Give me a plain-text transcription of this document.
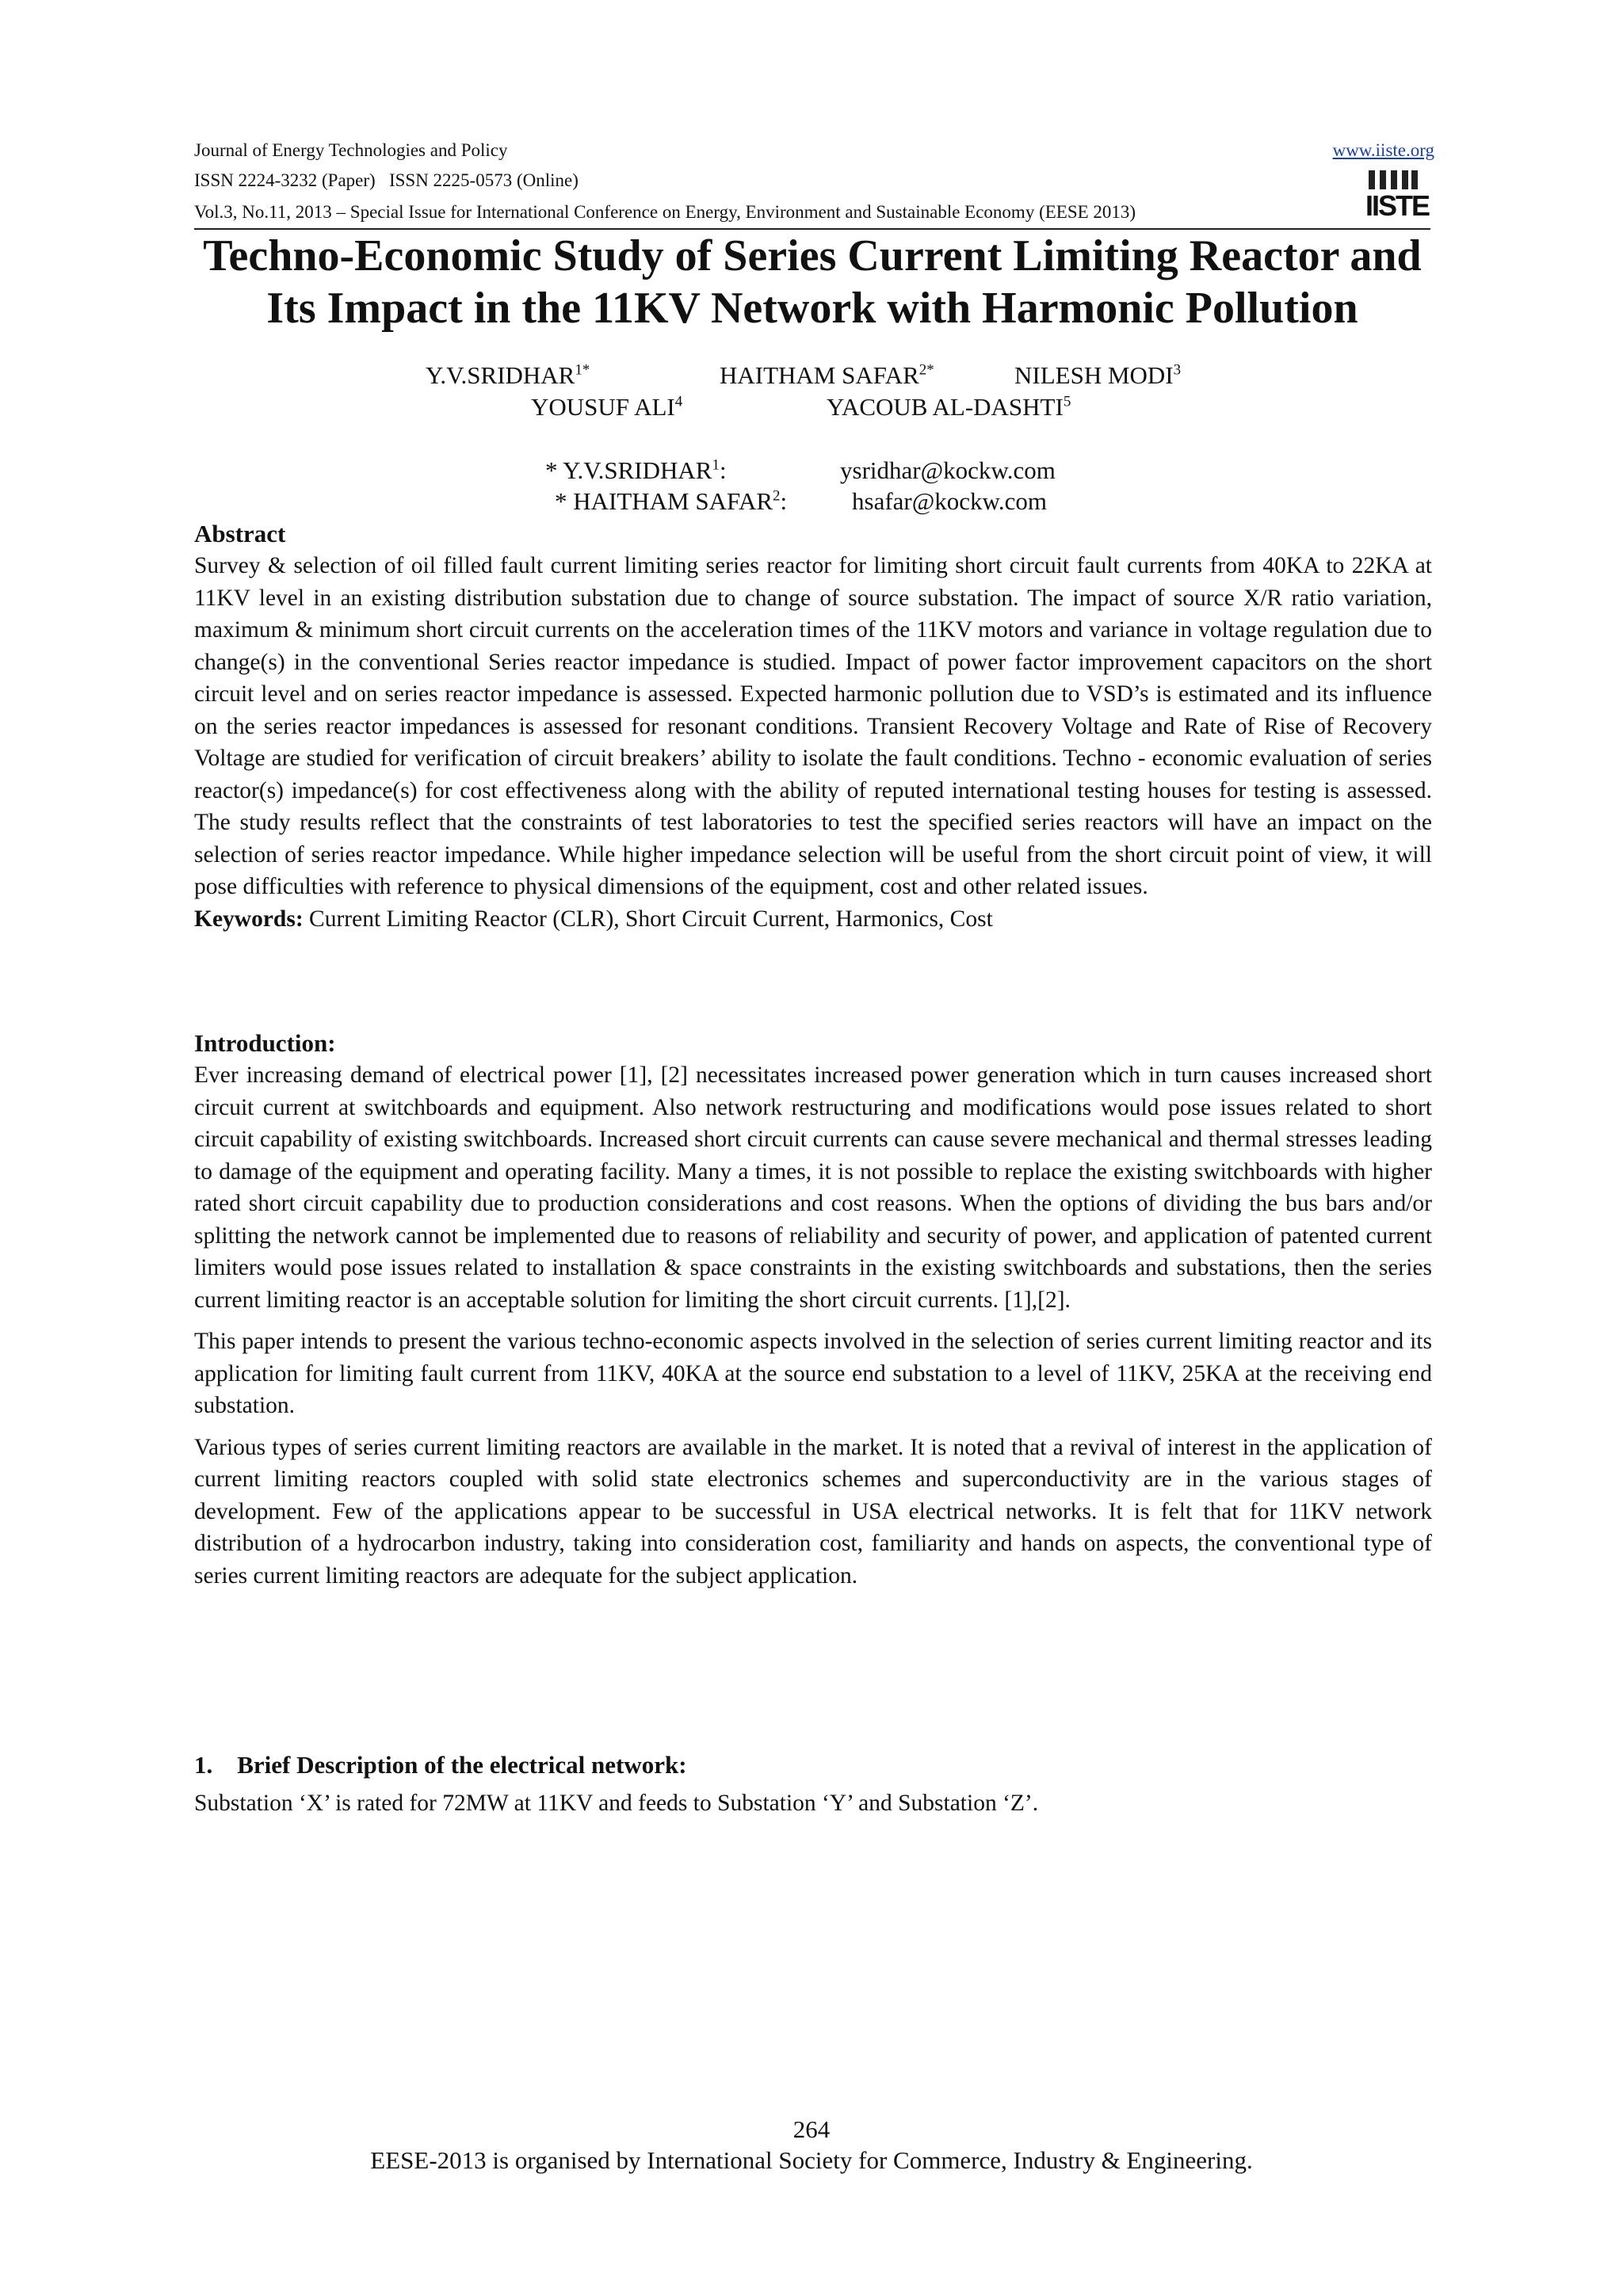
Journal of Energy Technologies and Policy	www.iiste.org
ISSN 2224-3232 (Paper)   ISSN 2225-0573 (Online)
Vol.3, No.11, 2013 – Special Issue for International Conference on Energy, Environment and Sustainable Economy (EESE 2013)	IISTE
Techno-Economic Study of Series Current Limiting Reactor and
Its Impact in the 11KV Network with Harmonic Pollution
$Y.V.SRIDHAR^{1*}$	HAITHAM $SAFAR^{2*}$	NILESH MODI$^3$
YOUSUF ALI$^4$	YACOUB AL-DASHTI$^5$
* Y.V.SRIDHAR$^1$:	ysridhar@kockw.com
* HAITHAM SAFAR$^2$:	hsafar@kockw.com
Abstract

Survey & selection of oil filled fault current limiting series reactor for limiting short circuit fault currents from 40KA to 22KA at 11KV level in an existing distribution substation due to change of source substation. The impact of source X/R ratio variation, maximum & minimum short circuit currents on the acceleration times of the 11KV motors and variance in voltage regulation due to change(s) in the conventional Series reactor impedance is studied. Impact of power factor improvement capacitors on the short circuit level and on series reactor impedance is assessed. Expected harmonic pollution due to VSD’s is estimated and its influence on the series reactor impedances is assessed for resonant conditions. Transient Recovery Voltage and Rate of Rise of Recovery Voltage are studied for verification of circuit breakers’ ability to isolate the fault conditions. Techno - economic evaluation of series reactor(s) impedance(s) for cost effectiveness along with the ability of reputed international testing houses for testing is assessed. The study results reflect that the constraints of test laboratories to test the specified series reactors will have an impact on the selection of series reactor impedance. While higher impedance selection will be useful from the short circuit point of view, it will pose difficulties with reference to physical dimensions of the equipment, cost and other related issues.

Keywords: Current Limiting Reactor (CLR), Short Circuit Current, Harmonics, Cost

Introduction:

Ever increasing demand of electrical power [1], [2] necessitates increased power generation which in turn causes increased short circuit current at switchboards and equipment. Also network restructuring and modifications would pose issues related to short circuit capability of existing switchboards. Increased short circuit currents can cause severe mechanical and thermal stresses leading to damage of the equipment and operating facility. Many a times, it is not possible to replace the existing switchboards with higher rated short circuit capability due to production considerations and cost reasons. When the options of dividing the bus bars and/or splitting the network cannot be implemented due to reasons of reliability and security of power, and application of patented current limiters would pose issues related to installation & space constraints in the existing switchboards and substations, then the series current limiting reactor is an acceptable solution for limiting the short circuit currents. [1],[2].

This paper intends to present the various techno-economic aspects involved in the selection of series current limiting reactor and its application for limiting fault current from 11KV, 40KA at the source end substation to a level of 11KV, 25KA at the receiving end substation.

Various types of series current limiting reactors are available in the market. It is noted that a revival of interest in the application of current limiting reactors coupled with solid state electronics schemes and superconductivity are in the various stages of development. Few of the applications appear to be successful in USA electrical networks. It is felt that for 11KV network distribution of a hydrocarbon industry, taking into consideration cost, familiarity and hands on aspects, the conventional type of series current limiting reactors are adequate for the subject application.

1.    Brief Description of the electrical network:

Substation ‘X’ is rated for 72MW at 11KV and feeds to Substation ‘Y’ and Substation ‘Z’.

264
EESE-2013 is organised by International Society for Commerce, Industry & Engineering.
